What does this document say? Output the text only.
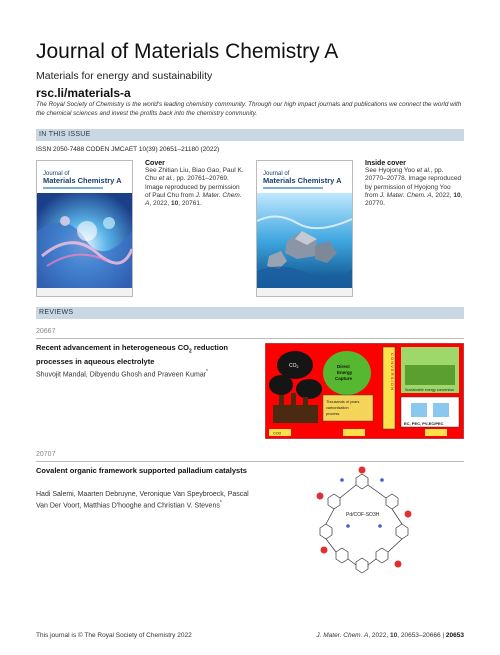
Journal of Materials Chemistry A
Materials for energy and sustainability
rsc.li/materials-a
The Royal Society of Chemistry is the world's leading chemistry community. Through our high impact journals and publications we connect the world with the chemical sciences and invest the profits back into the chemistry community.
IN THIS ISSUE
ISSN 2050-7488 CODEN JMCAET 10(39) 20651–21180 (2022)
Journal of
Materials Chemistry A
Cover
See Zhitian Liu, Biao Gao, Paul K. Chu et al., pp. 20761–20769. Image reproduced by permission of Paul Chu from J. Mater. Chem. A, 2022, 10, 20761.
Journal of
Materials Chemistry A
Inside cover
See Hyojong Yoo et al., pp. 20770–20778. Image reproduced by permission of Hyojong Yoo from J. Mater. Chem. A, 2022, 10, 20770.
REVIEWS
20667
Recent advancement in heterogeneous $CO_2$ reduction processes in aqueous electrolyte
Shuvojit Mandal, Dibyendu Ghosh and Praveen Kumar*
$CO_2$	Direct
Energy
Capture
Thousands of years
carbonisation
process
C O N V E R S I O N
Sustainable energy conversion
EC, PEC, PV-EC/PEC
CO2
20707
Covalent organic framework supported palladium catalysts
Hadi Salemi, Maarten Debruyne, Veronique Van Speybroeck, Pascal Van Der Voort, Matthias D'hooghe and Christian V. Stevens*
Pd/COF-SO3H
This journal is © The Royal Society of Chemistry 2022	J. Mater. Chem. A, 2022, 10, 20653–20666 | 20653
